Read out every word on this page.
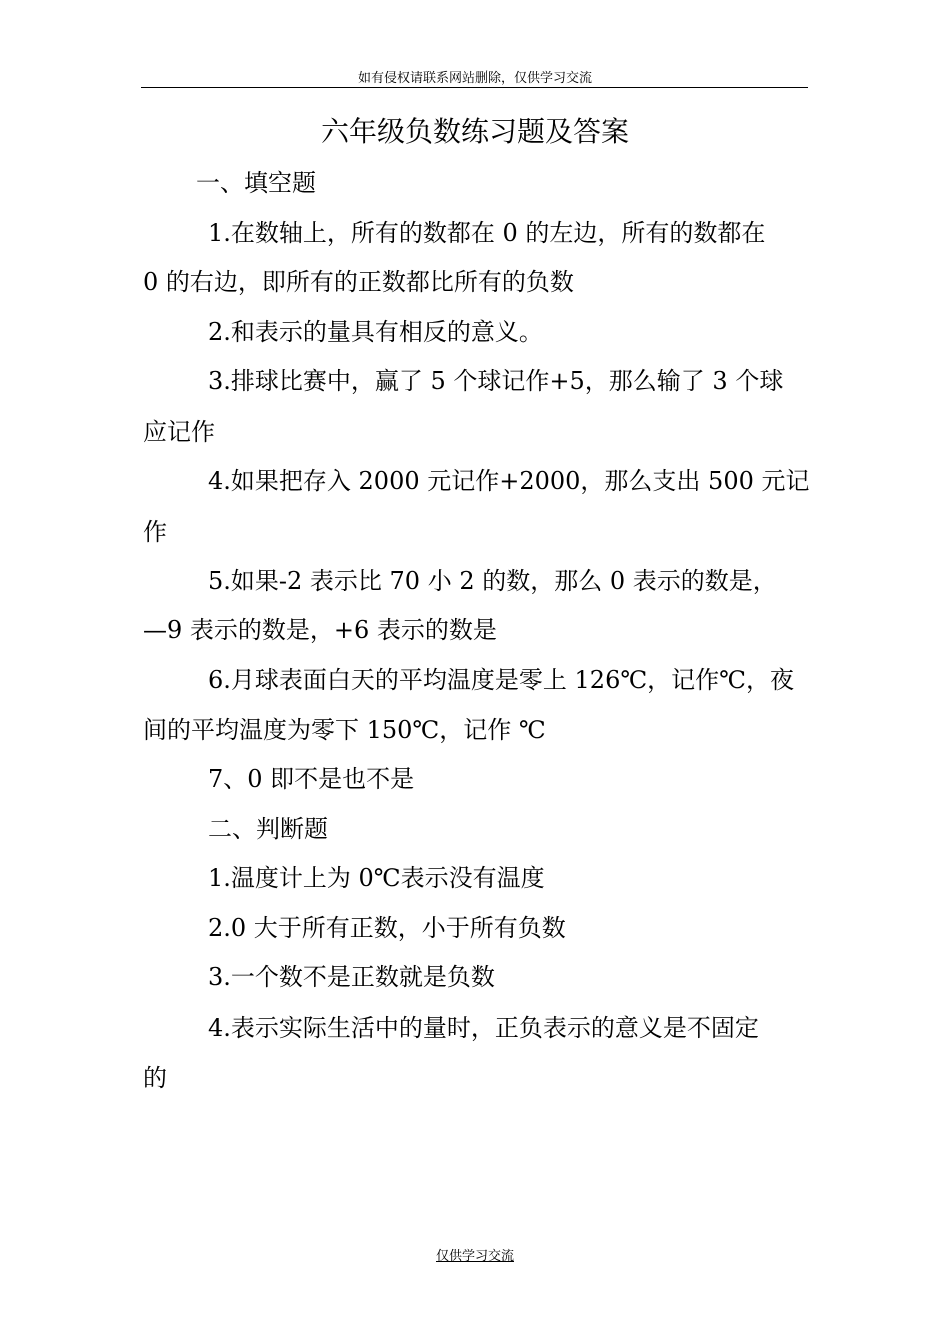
如有侵权请联系网站删除，仅供学习交流
六年级负数练习题及答案
一、填空题
1.在数轴上，所有的数都在 0 的左边，所有的数都在
0 的右边，即所有的正数都比所有的负数
2.和表示的量具有相反的意义。
3.排球比赛中，赢了 5 个球记作+5，那么输了 3 个球
应记作
4.如果把存入 2000 元记作+2000，那么支出 500 元记
作
5.如果-2 表示比 70 小 2 的数，那么 0 表示的数是，
—9 表示的数是，+6 表示的数是
6.月球表面白天的平均温度是零上 126℃，记作℃，夜
间的平均温度为零下 150℃，记作 ℃
7、0 即不是也不是
二、判断题
1.温度计上为 0℃表示没有温度
2.0 大于所有正数，小于所有负数
3.一个数不是正数就是负数
4.表示实际生活中的量时，正负表示的意义是不固定
的
仅供学习交流
